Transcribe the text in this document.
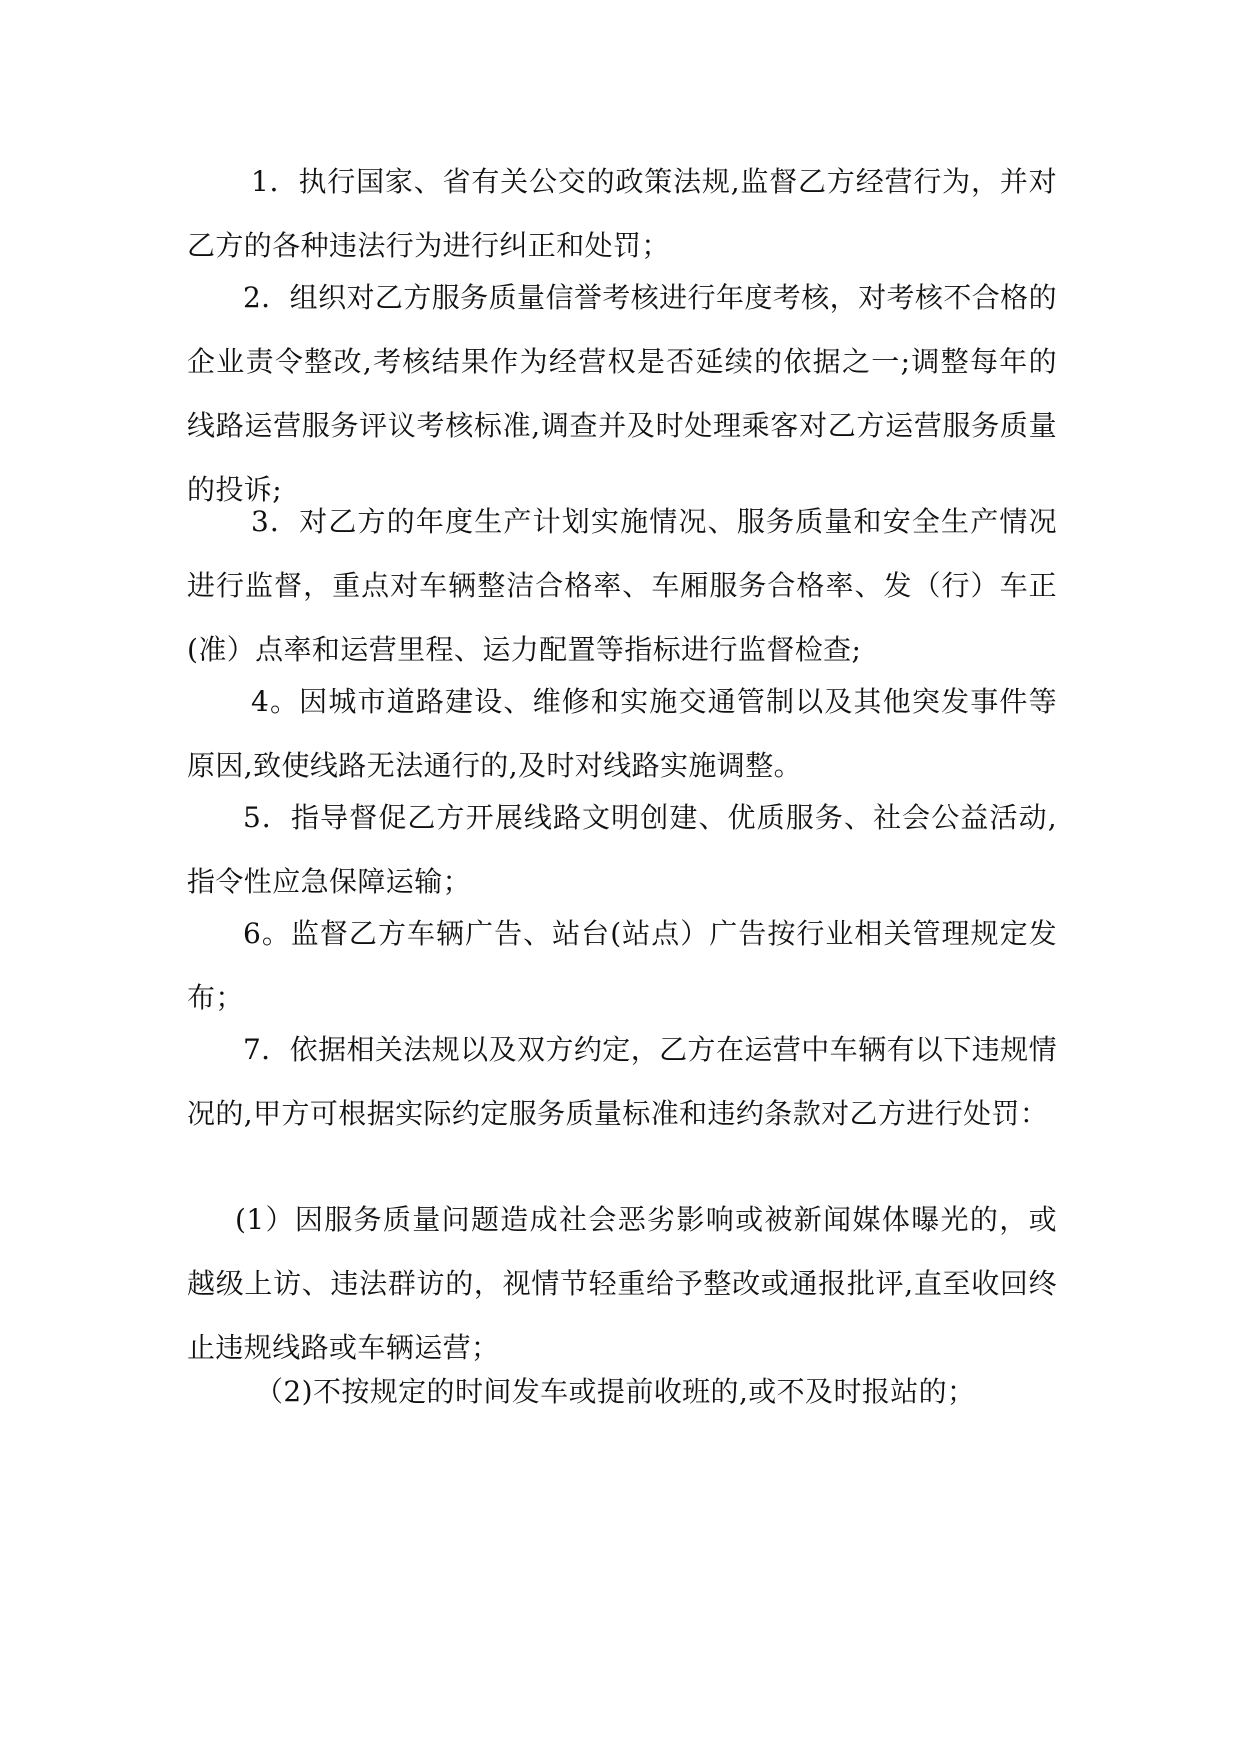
1．执行国家、省有关公交的政策法规,监督乙方经营行为，并对乙方的各种违法行为进行纠正和处罚；

2．组织对乙方服务质量信誉考核进行年度考核，对考核不合格的企业责令整改,考核结果作为经营权是否延续的依据之一;调整每年的线路运营服务评议考核标准,调查并及时处理乘客对乙方运营服务质量的投诉;

3．对乙方的年度生产计划实施情况、服务质量和安全生产情况进行监督，重点对车辆整洁合格率、车厢服务合格率、发（行）车正(准）点率和运营里程、运力配置等指标进行监督检查;

4。因城市道路建设、维修和实施交通管制以及其他突发事件等原因,致使线路无法通行的,及时对线路实施调整。

5．指导督促乙方开展线路文明创建、优质服务、社会公益活动,指令性应急保障运输；

6。监督乙方车辆广告、站台(站点）广告按行业相关管理规定发布；

7．依据相关法规以及双方约定，乙方在运营中车辆有以下违规情况的,甲方可根据实际约定服务质量标准和违约条款对乙方进行处罚：

(1）因服务质量问题造成社会恶劣影响或被新闻媒体曝光的，或越级上访、违法群访的，视情节轻重给予整改或通报批评,直至收回终止违规线路或车辆运营；

（2)不按规定的时间发车或提前收班的,或不及时报站的；
